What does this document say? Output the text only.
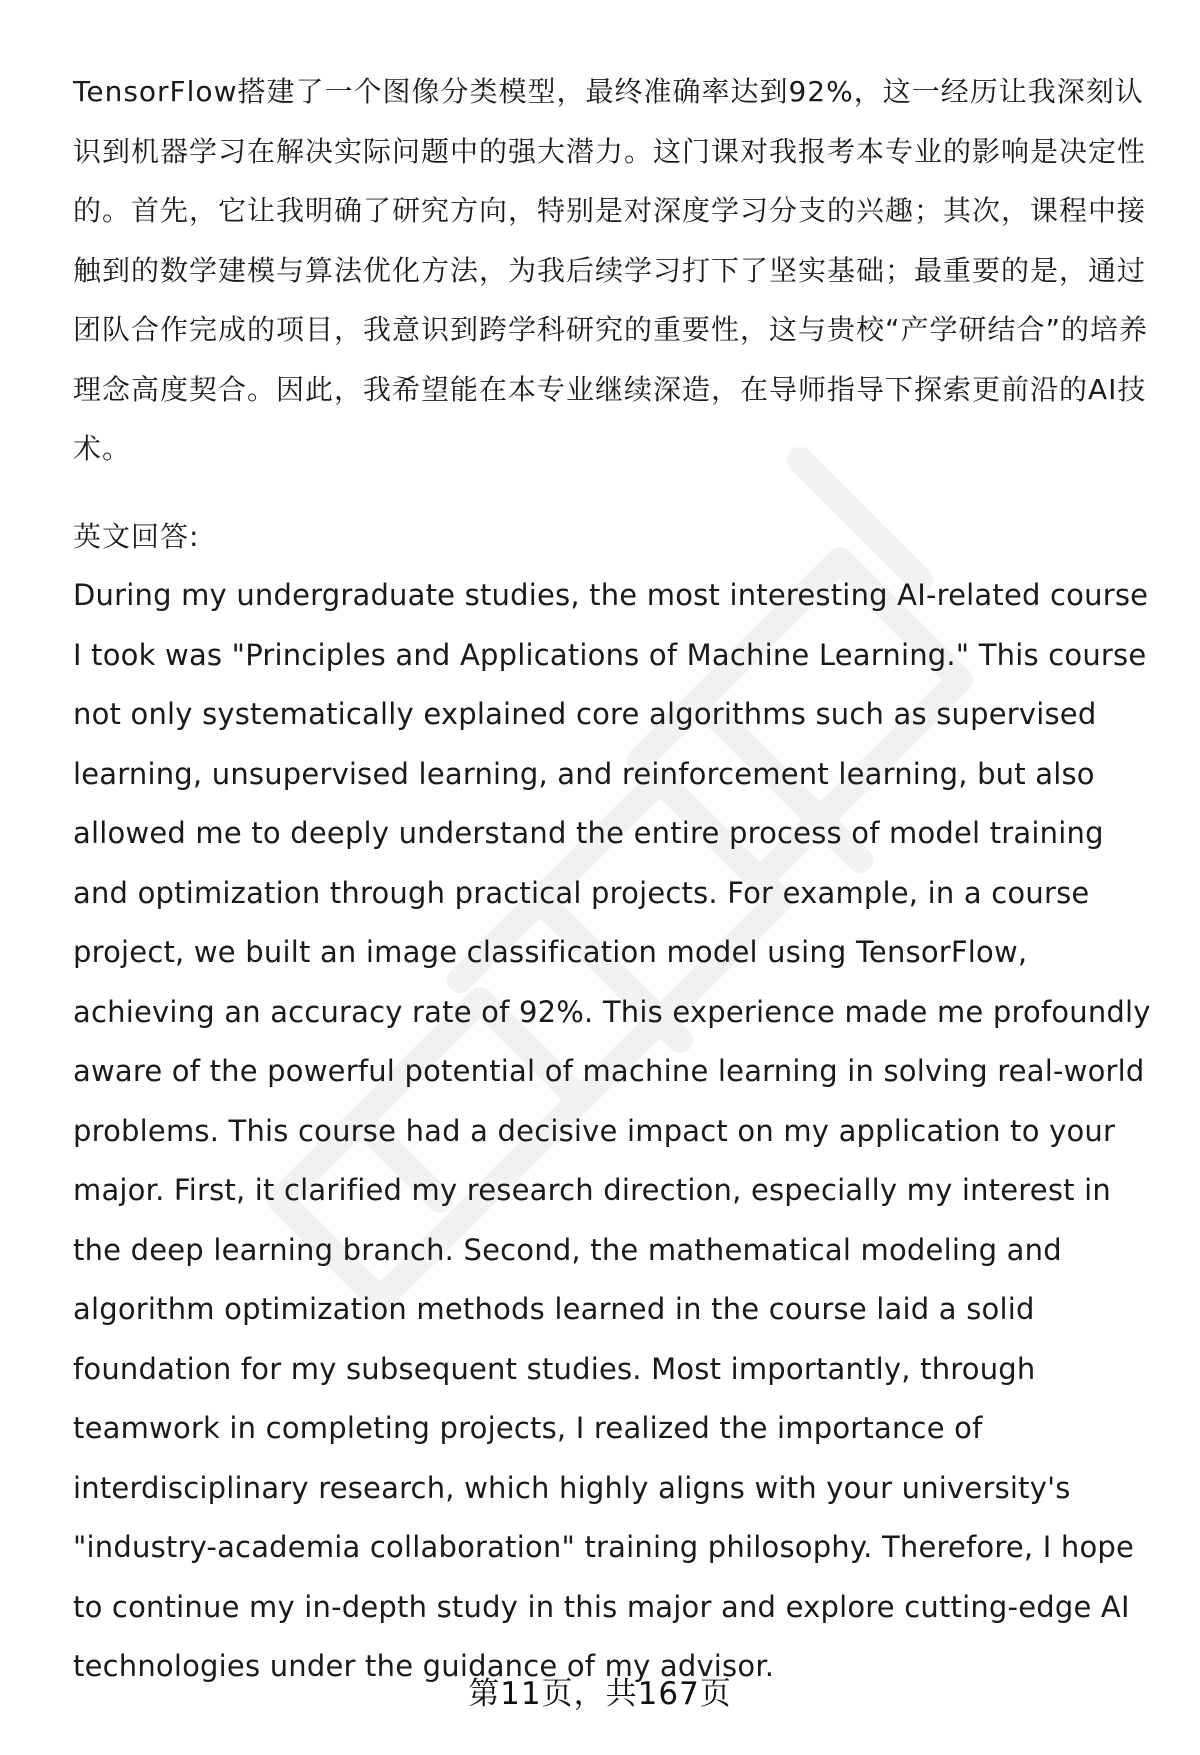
TensorFlow搭建了一个图像分类模型，最终准确率达到92%，这一经历让我深刻认识到机器学习在解决实际问题中的强大潜力。这门课对我报考本专业的影响是决定性的。首先，它让我明确了研究方向，特别是对深度学习分支的兴趣；其次，课程中接触到的数学建模与算法优化方法，为我后续学习打下了坚实基础；最重要的是，通过团队合作完成的项目，我意识到跨学科研究的重要性，这与贵校“产学研结合”的培养理念高度契合。因此，我希望能在本专业继续深造，在导师指导下探索更前沿的AI技术。

英文回答:

During my undergraduate studies, the most interesting AI-related course I took was "Principles and Applications of Machine Learning." This course not only systematically explained core algorithms such as supervised learning, unsupervised learning, and reinforcement learning, but also allowed me to deeply understand the entire process of model training and optimization through practical projects. For example, in a course project, we built an image classification model using TensorFlow, achieving an accuracy rate of 92%. This experience made me profoundly aware of the powerful potential of machine learning in solving real-world problems. This course had a decisive impact on my application to your major. First, it clarified my research direction, especially my interest in the deep learning branch. Second, the mathematical modeling and algorithm optimization methods learned in the course laid a solid foundation for my subsequent studies. Most importantly, through teamwork in completing projects, I realized the importance of interdisciplinary research, which highly aligns with your university's "industry-academia collaboration" training philosophy. Therefore, I hope to continue my in-depth study in this major and explore cutting-edge AI technologies under the guidance of my advisor.

第11页，共167页
